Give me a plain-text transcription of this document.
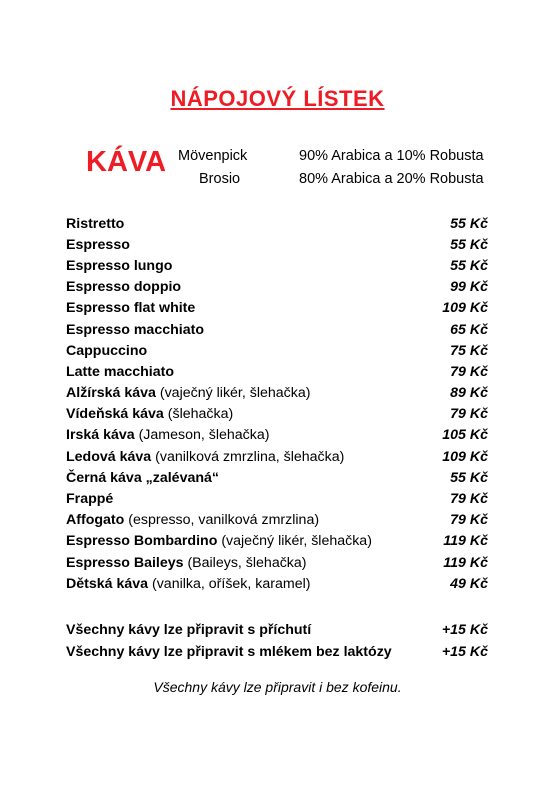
NÁPOJOVÝ LÍSTEK
KÁVA Mövenpick	90% Arabica a 10% Robusta
Brosio	80% Arabica a 20% Robusta
Ristretto	55 Kč
Espresso	55 Kč
Espresso lungo	55 Kč
Espresso doppio	99 Kč
Espresso flat white	109 Kč
Espresso macchiato	65 Kč
Cappuccino	75 Kč
Latte macchiato	79 Kč
Alžírská káva (vaječný likér, šlehačka)	89 Kč
Vídeňská káva (šlehačka)	79 Kč
Irská káva (Jameson, šlehačka)	105 Kč
Ledová káva (vanilková zmrzlina, šlehačka)	109 Kč
Černá káva „zalévaná“	55 Kč
Frappé	79 Kč
Affogato (espresso, vanilková zmrzlina)	79 Kč
Espresso Bombardino (vaječný likér, šlehačka)	119 Kč
Espresso Baileys (Baileys, šlehačka)	119 Kč
Dětská káva (vanilka, oříšek, karamel)	49 Kč
Všechny kávy lze připravit s příchutí	+15 Kč
Všechny kávy lze připravit s mlékem bez laktózy	+15 Kč
Všechny kávy lze připravit i bez kofeinu.
